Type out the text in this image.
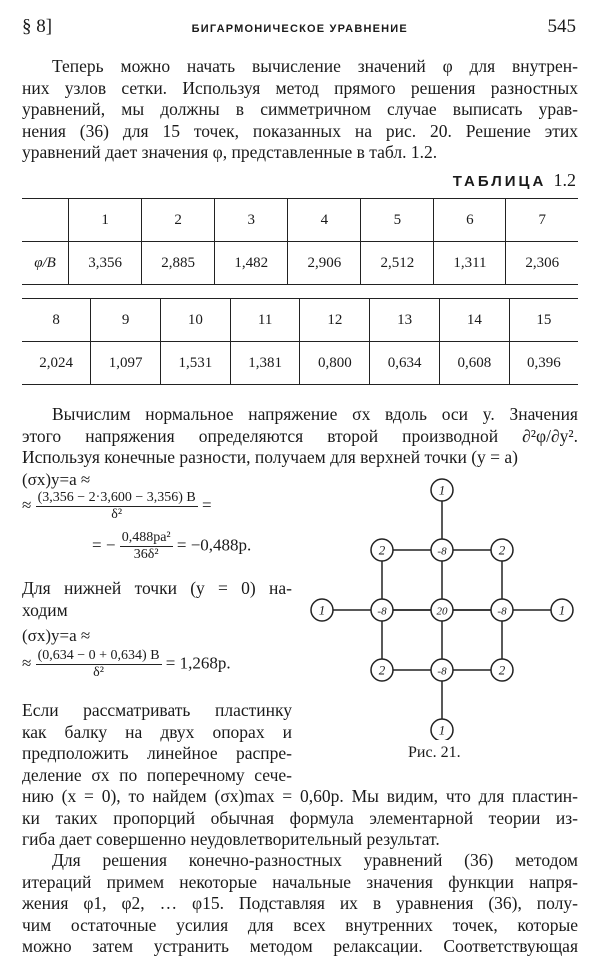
§ 8]	БИГАРМОНИЧЕСКОЕ УРАВНЕНИЕ	545

Теперь можно начать вычисление значений φ для внутрен-
них узлов сетки. Используя метод прямого решения разностных
уравнений, мы должны в симметричном случае выписать урав-
нения (36) для 15 точек, показанных на рис. 20. Решение этих
уравнений дает значения φ, представленные в табл. 1.2.

ТАБЛИЦА 1.2
	1	2	3	4	5	6	7
φ/B	3,356	2,885	1,482	2,906	2,512	1,311	2,306
8	9	10	11	12	13	14	15
2,024	1,097	1,531	1,381	0,800	0,634	0,608	0,396

Вычислим нормальное напряжение σx вдоль оси y. Значения
этого напряжения определяются второй производной ∂²φ/∂y².
Используя конечные разности, получаем для верхней точки (y = a)

(σx)y=a ≈
≈ $\frac{(3,356 - 2\cdot 3,600 - 3,356) B}{\text{δ²}}$ =
= − $\frac{\text{0,488pa²}}{\text{36δ²}} = -0,488p$.
Для нижней точки (y = 0) на-
ходим
(σx)y=a ≈
≈ $\frac{(0,634 - 0 + 0,634) B}{\text{δ²}} = 1,268p$.
Если рассматривать пластинку
как балку на двух опорах и
предположить линейное распре-
деление σx по поперечному сече-

нию (x = 0), то найдем (σx)max = 0,60p. Мы видим, что для пластин-
ки таких пропорций обычная формула элементарной теории из-
гиба дает совершенно неудовлетворительный результат.

Для решения конечно-разностных уравнений (36) методом
итераций примем некоторые начальные значения функции напря-
жения φ1, φ2, … φ15. Подставляя их в уравнения (36), полу-
чим остаточные усилия для всех внутренних точек, которые
можно затем устранить методом релаксации. Соответствующая

1
2	-8	2
1	-8	20	-8	1
2	-8	2
1
Рис. 21.
